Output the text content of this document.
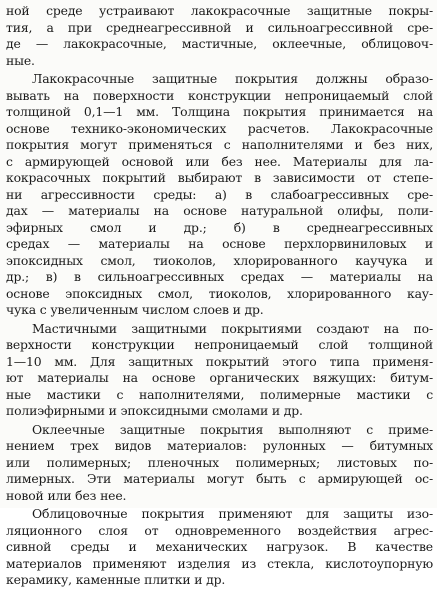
ной среде устраивают лакокрасочные защитные покры-
тия, а при среднеагрессивной и сильноагрессивной сре-
де — лакокрасочные, мастичные, оклеечные, облицовоч-
ные.
Лакокрасочные защитные покрытия должны образо-
вывать на поверхности конструкции непроницаемый слой
толщиной 0,1—1 мм. Толщина покрытия принимается на
основе технико-экономических расчетов. Лакокрасочные
покрытия могут применяться с наполнителями и без них,
с армирующей основой или без нее. Материалы для ла-
кокрасочных покрытий выбирают в зависимости от степе-
ни агрессивности среды: а) в слабоагрессивных сре-
дах — материалы на основе натуральной олифы, поли-
эфирных смол и др.; б) в среднеагрессивных
средах — материалы на основе перхлорвиниловых и
эпоксидных смол, тиоколов, хлорированного каучука и
др.; в) в сильноагрессивных средах — материалы на
основе эпоксидных смол, тиоколов, хлорированного кау-
чука с увеличенным числом слоев и др.
Мастичными защитными покрытиями создают на по-
верхности конструкции непроницаемый слой толщиной
1—10 мм. Для защитных покрытий этого типа применя-
ют материалы на основе органических вяжущих: битум-
ные мастики с наполнителями, полимерные мастики с
полиэфирными и эпоксидными смолами и др.
Оклеечные защитные покрытия выполняют с приме-
нением трех видов материалов: рулонных — битумных
или полимерных; пленочных полимерных; листовых по-
лимерных. Эти материалы могут быть с армирующей ос-
новой или без нее.
Облицовочные покрытия применяют для защиты изо-
ляционного слоя от одновременного воздействия агрес-
сивной среды и механических нагрузок. В качестве
материалов применяют изделия из стекла, кислотоупорную
керамику, каменные плитки и др.
